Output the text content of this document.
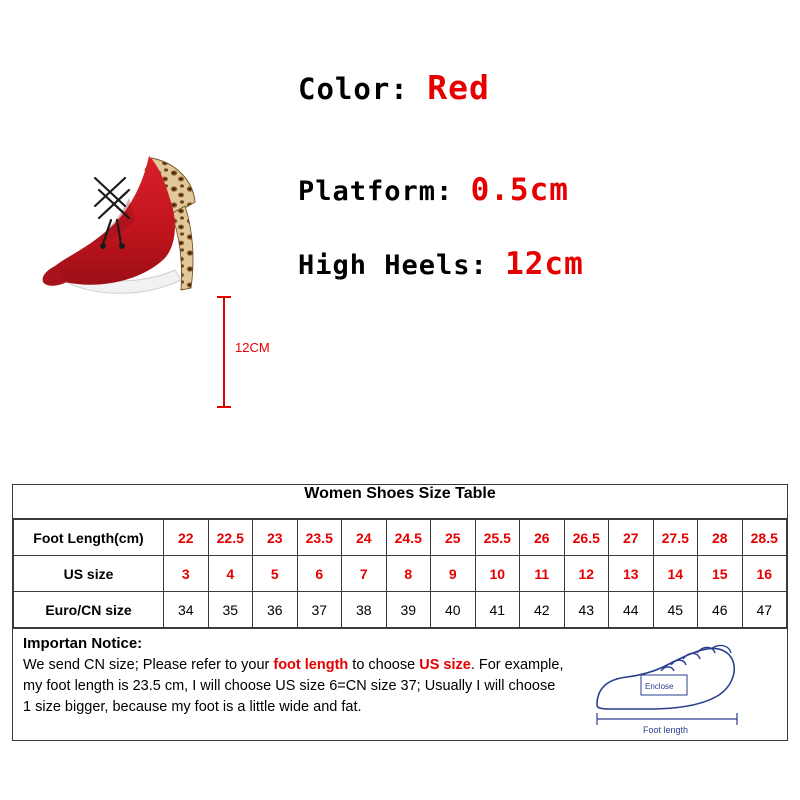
12CM
Color: Red
Platform: 0.5cm
High Heels: 12cm
Women Shoes Size Table
Foot Length(cm)	22	22.5	23	23.5	24	24.5	25	25.5	26	26.5	27	27.5	28	28.5
US size	3	4	5	6	7	8	9	10	11	12	13	14	15	16
Euro/CN size	34	35	36	37	38	39	40	41	42	43	44	45	46	47
Importan Notice:
We send CN size; Please refer to your foot length to choose US size. For example,
my foot length is 23.5 cm, I will choose US size 6=CN size 37; Usually I will choose
1 size bigger, because my foot is a little wide and fat.
Enclose
Foot length
